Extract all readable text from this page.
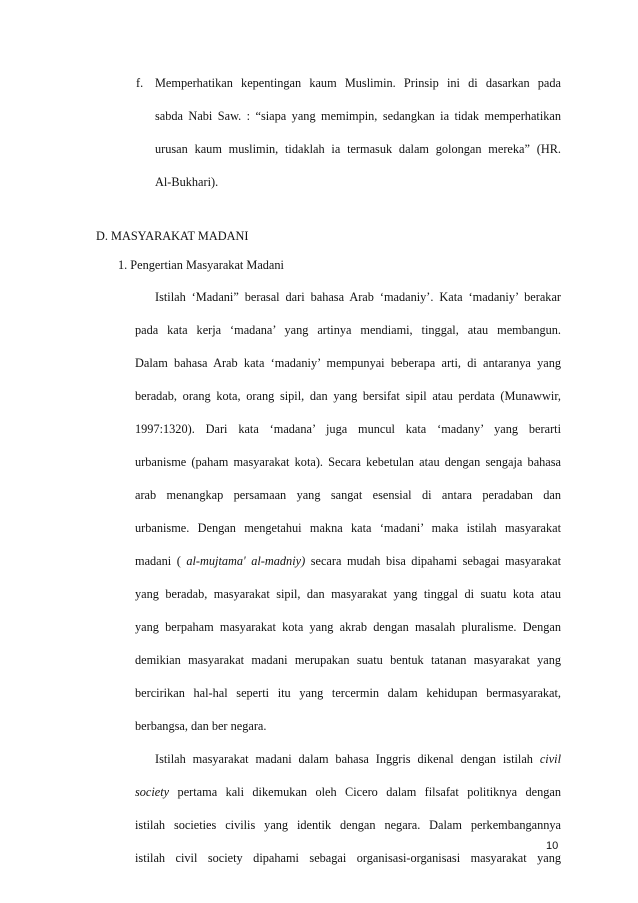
f. Memperhatikan kepentingan kaum Muslimin. Prinsip ini di dasarkan pada
sabda Nabi Saw. : “siapa yang memimpin, sedangkan ia tidak memperhatikan
urusan kaum muslimin, tidaklah ia termasuk dalam golongan mereka” (HR.
Al-Bukhari).
D. MASYARAKAT MADANI
1. Pengertian Masyarakat Madani
Istilah ‘Madani” berasal dari bahasa Arab ‘madaniy’. Kata ‘madaniy’ berakar
pada kata kerja ‘madana’ yang artinya mendiami, tinggal, atau membangun.
Dalam bahasa Arab kata ‘madaniy’ mempunyai beberapa arti, di antaranya yang
beradab, orang kota, orang sipil, dan yang bersifat sipil atau perdata (Munawwir,
1997:1320). Dari kata ‘madana’ juga muncul kata ‘madany’ yang berarti
urbanisme (paham masyarakat kota). Secara kebetulan atau dengan sengaja bahasa
arab menangkap persamaan yang sangat esensial di antara peradaban dan
urbanisme. Dengan mengetahui makna kata ‘madani’ maka istilah masyarakat
madani ( al-mujtama' al-madniy) secara mudah bisa dipahami sebagai masyarakat
yang beradab, masyarakat sipil, dan masyarakat yang tinggal di suatu kota atau
yang berpaham masyarakat kota yang akrab dengan masalah pluralisme. Dengan
demikian masyarakat madani merupakan suatu bentuk tatanan masyarakat yang
bercirikan hal-hal seperti itu yang tercermin dalam kehidupan bermasyarakat,
berbangsa, dan ber negara.
Istilah masyarakat madani dalam bahasa Inggris dikenal dengan istilah civil
society pertama kali dikemukan oleh Cicero dalam filsafat politiknya dengan
istilah societies civilis yang identik dengan negara. Dalam perkembangannya
istilah civil society dipahami sebagai organisasi-organisasi masyarakat yang
10
